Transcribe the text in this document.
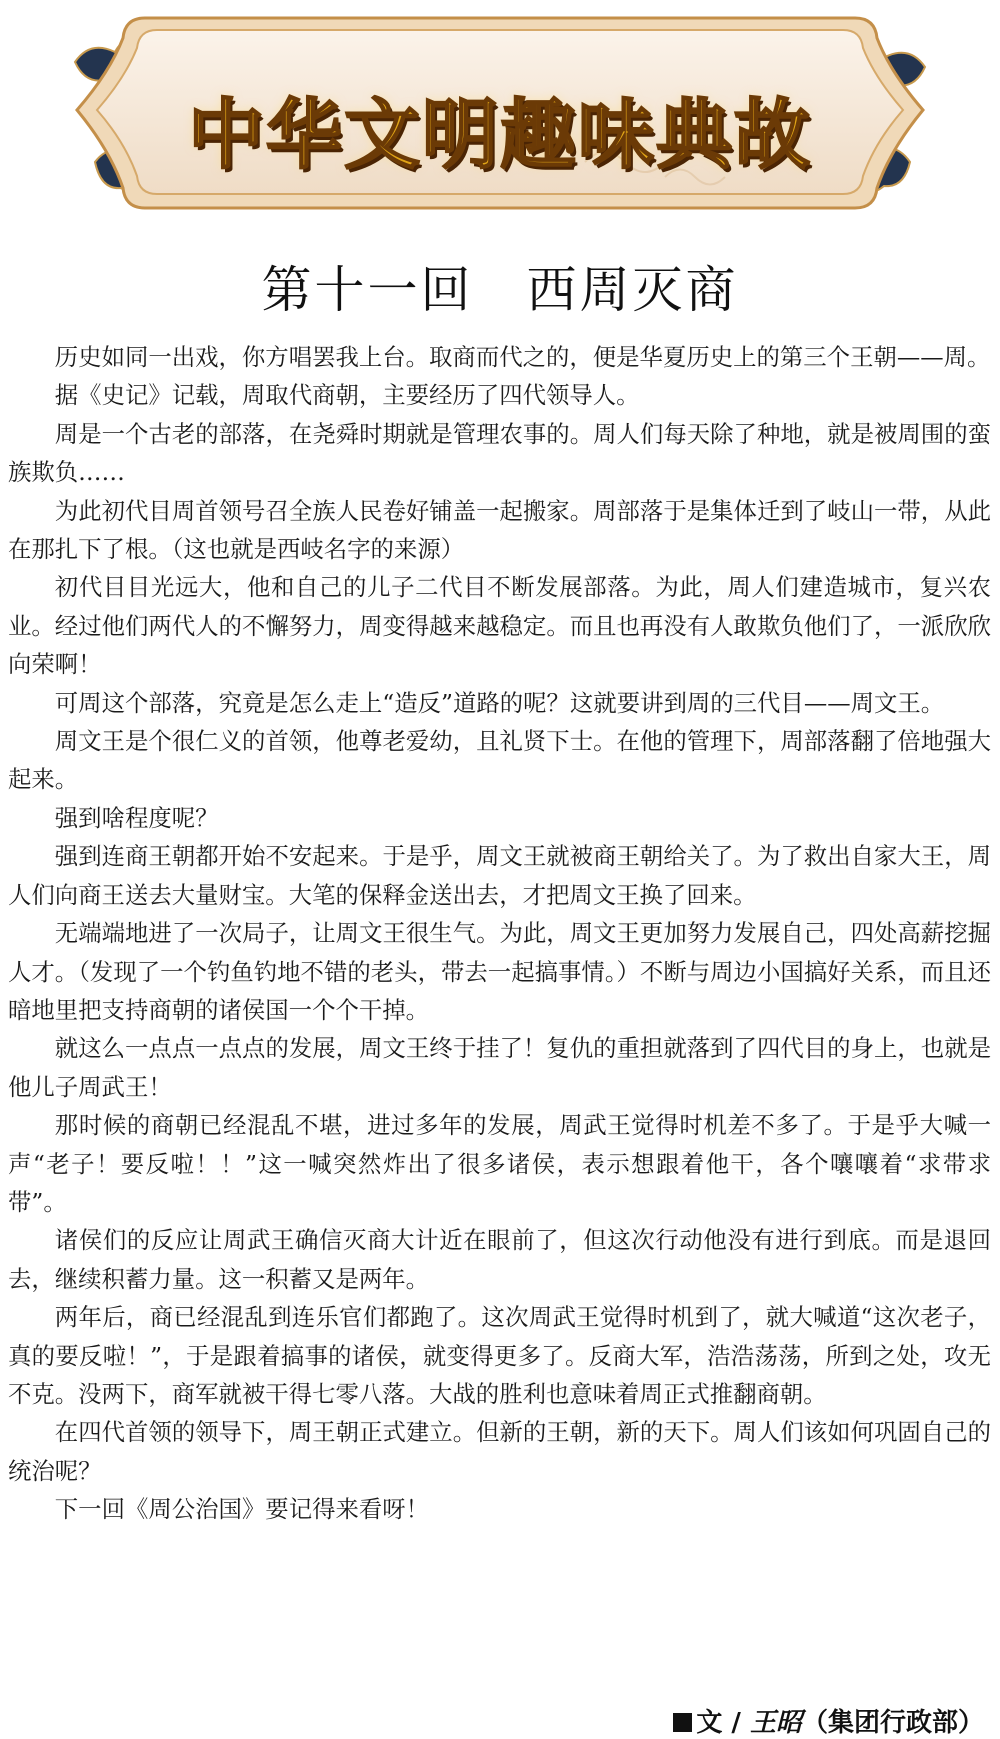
中华文明趣味典故
第十一回　西周灭商

历史如同一出戏，你方唱罢我上台。取商而代之的，便是华夏历史上的第三个王朝——周。

据《史记》记载，周取代商朝，主要经历了四代领导人。

周是一个古老的部落，在尧舜时期就是管理农事的。周人们每天除了种地，就是被周围的蛮族欺负……

为此初代目周首领号召全族人民卷好铺盖一起搬家。周部落于是集体迁到了岐山一带，从此在那扎下了根。（这也就是西岐名字的来源）

初代目目光远大，他和自己的儿子二代目不断发展部落。为此，周人们建造城市，复兴农业。经过他们两代人的不懈努力，周变得越来越稳定。而且也再没有人敢欺负他们了，一派欣欣向荣啊！

可周这个部落，究竟是怎么走上“造反”道路的呢？这就要讲到周的三代目——周文王。

周文王是个很仁义的首领，他尊老爱幼，且礼贤下士。在他的管理下，周部落翻了倍地强大起来。

强到啥程度呢？

强到连商王朝都开始不安起来。于是乎，周文王就被商王朝给关了。为了救出自家大王，周人们向商王送去大量财宝。大笔的保释金送出去，才把周文王换了回来。

无端端地进了一次局子，让周文王很生气。为此，周文王更加努力发展自己，四处高薪挖掘人才。（发现了一个钓鱼钓地不错的老头，带去一起搞事情。）不断与周边小国搞好关系，而且还暗地里把支持商朝的诸侯国一个个干掉。

就这么一点点一点点的发展，周文王终于挂了！复仇的重担就落到了四代目的身上，也就是他儿子周武王！

那时候的商朝已经混乱不堪，进过多年的发展，周武王觉得时机差不多了。于是乎大喊一声“老子！要反啦！！”这一喊突然炸出了很多诸侯，表示想跟着他干，各个嚷嚷着“求带求带”。

诸侯们的反应让周武王确信灭商大计近在眼前了，但这次行动他没有进行到底。而是退回去，继续积蓄力量。这一积蓄又是两年。

两年后，商已经混乱到连乐官们都跑了。这次周武王觉得时机到了，就大喊道“这次老子，真的要反啦！”，于是跟着搞事的诸侯，就变得更多了。反商大军，浩浩荡荡，所到之处，攻无不克。没两下，商军就被干得七零八落。大战的胜利也意味着周正式推翻商朝。

在四代首领的领导下，周王朝正式建立。但新的王朝，新的天下。周人们该如何巩固自己的统治呢？

下一回《周公治国》要记得来看呀！

文 / 王昭（集团行政部）
